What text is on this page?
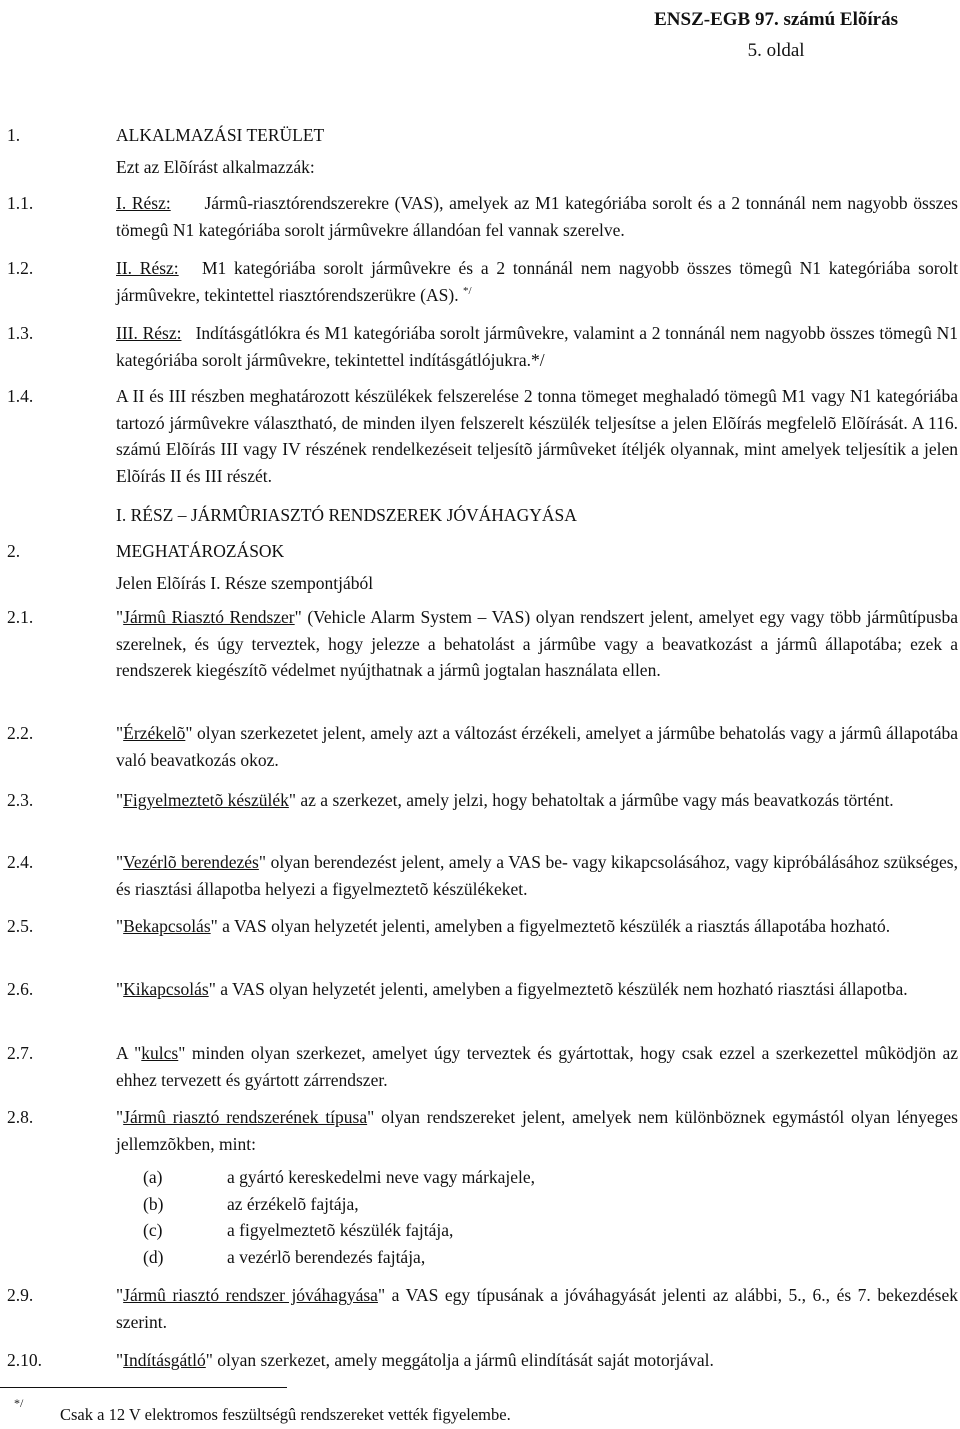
ENSZ-EGB 97. számú Elõírás
5. oldal
1.	ALKALMAZÁSI TERÜLET
Ezt az Elõírást alkalmazzák:
1.1.	I. Rész: Jármû-riasztórendszerekre (VAS), amelyek az M1 kategóriába sorolt és a 2 tonnánál nem nagyobb összes tömegû N1 kategóriába sorolt jármûvekre állandóan fel vannak szerelve.
1.2.	II. Rész: M1 kategóriába sorolt jármûvekre és a 2 tonnánál nem nagyobb összes tömegû N1 kategóriába sorolt jármûvekre, tekintettel riasztórendszerükre (AS). */
1.3.	III. Rész: Indításgátlókra és M1 kategóriába sorolt jármûvekre, valamint a 2 tonnánál nem nagyobb összes tömegû N1 kategóriába sorolt jármûvekre, tekintettel indításgátlójukra.*/
1.4.	A II és III részben meghatározott készülékek felszerelése 2 tonna tömeget meghaladó tömegû M1 vagy N1 kategóriába tartozó jármûvekre választható, de minden ilyen felszerelt készülék teljesítse a jelen Elõírás megfelelõ Elõírását. A 116. számú Elõírás III vagy IV részének rendelkezéseit teljesítõ jármûveket ítéljék olyannak, mint amelyek teljesítik a jelen Elõírás II és III részét.
I. RÉSZ – JÁRMÛRIASZTÓ RENDSZEREK JÓVÁHAGYÁSA
2.	MEGHATÁROZÁSOK
Jelen Elõírás I. Része szempontjából
2.1.	"Jármû Riasztó Rendszer" (Vehicle Alarm System – VAS) olyan rendszert jelent, amelyet egy vagy több jármûtípusba szerelnek, és úgy terveztek, hogy jelezze a behatolást a jármûbe vagy a beavatkozást a jármû állapotába; ezek a rendszerek kiegészítõ védelmet nyújthatnak a jármû jogtalan használata ellen.
2.2.	"Érzékelõ" olyan szerkezetet jelent, amely azt a változást érzékeli, amelyet a jármûbe behatolás vagy a jármû állapotába való beavatkozás okoz.
2.3.	"Figyelmeztetõ készülék" az a szerkezet, amely jelzi, hogy behatoltak a jármûbe vagy más beavatkozás történt.
2.4.	"Vezérlõ berendezés" olyan berendezést jelent, amely a VAS be- vagy kikapcsolásához, vagy kipróbálásához szükséges, és riasztási állapotba helyezi a figyelmeztetõ készülékeket.
2.5.	"Bekapcsolás" a VAS olyan helyzetét jelenti, amelyben a figyelmeztetõ készülék a riasztás állapotába hozható.
2.6.	"Kikapcsolás" a VAS olyan helyzetét jelenti, amelyben a figyelmeztetõ készülék nem hozható riasztási állapotba.
2.7.	A "kulcs" minden olyan szerkezet, amelyet úgy terveztek és gyártottak, hogy csak ezzel a szerkezettel mûködjön az ehhez tervezett és gyártott zárrendszer.
2.8.	"Jármû riasztó rendszerének típusa" olyan rendszereket jelent, amelyek nem különböznek egymástól olyan lényeges jellemzõkben, mint:
(a)	a gyártó kereskedelmi neve vagy márkajele,
(b)	az érzékelõ fajtája,
(c)	a figyelmeztetõ készülék fajtája,
(d)	a vezérlõ berendezés fajtája,
2.9.	"Jármû riasztó rendszer jóváhagyása" a VAS egy típusának a jóváhagyását jelenti az alábbi, 5., 6., és 7. bekezdések szerint.
2.10.	"Indításgátló" olyan szerkezet, amely meggátolja a jármû elindítását saját motorjával.
*/
Csak a 12 V elektromos feszültségû rendszereket vették figyelembe.
